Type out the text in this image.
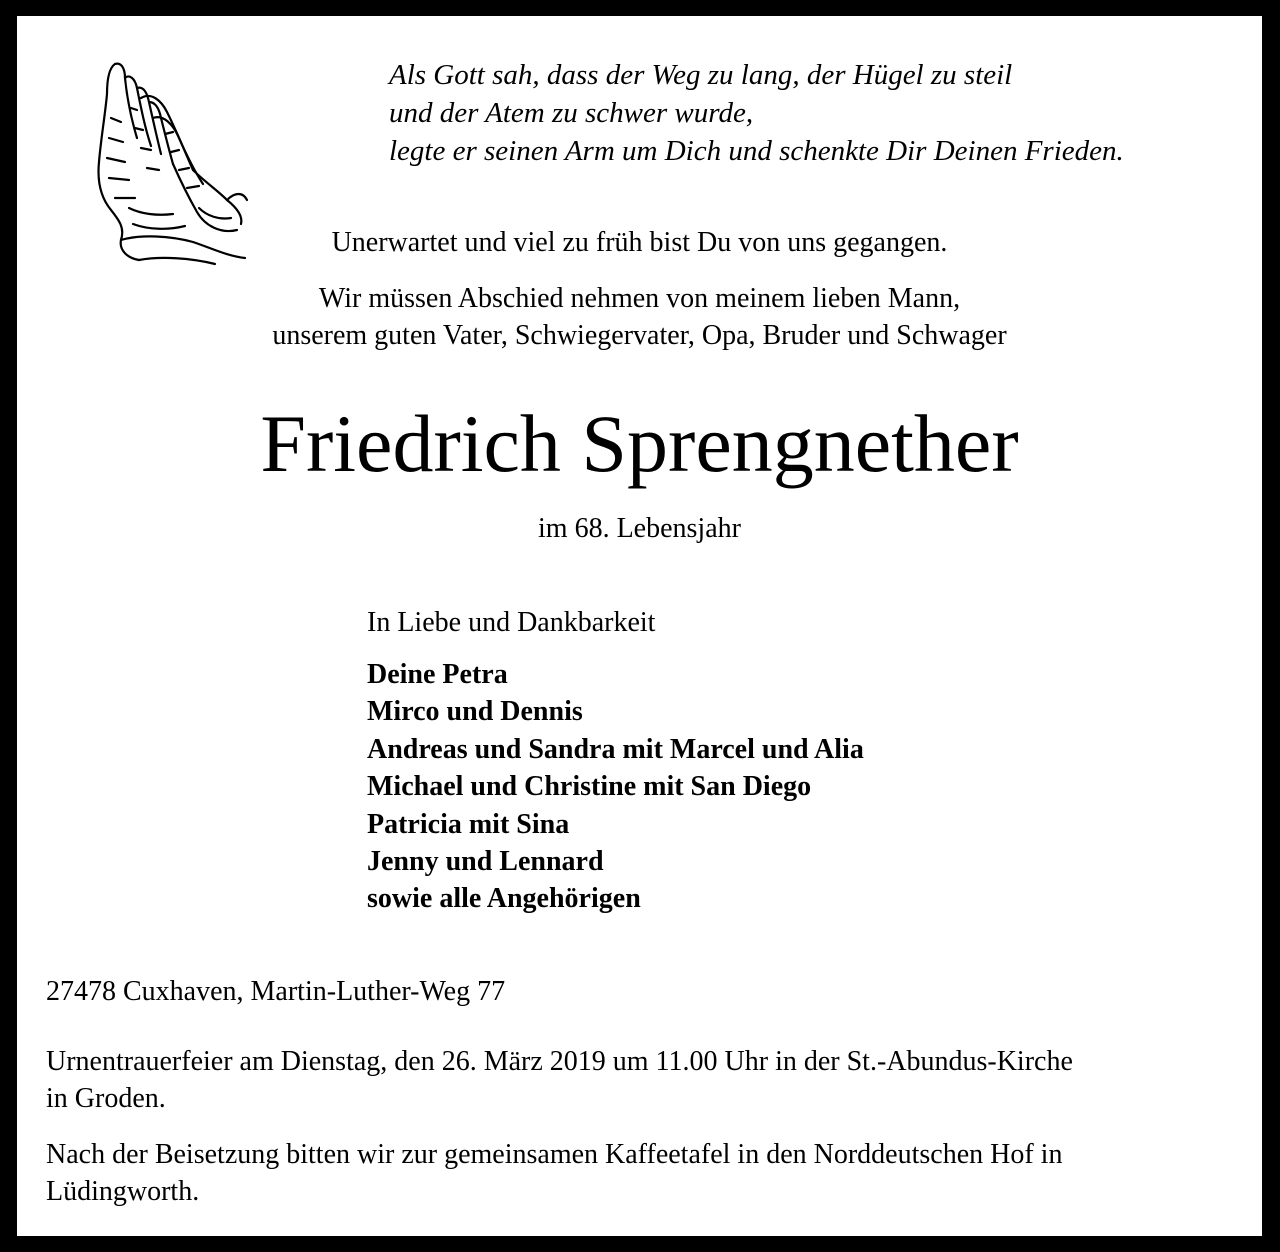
Als Gott sah, dass der Weg zu lang, der Hügel zu steil
und der Atem zu schwer wurde,
legte er seinen Arm um Dich und schenkte Dir Deinen Frieden.

Unerwartet und viel zu früh bist Du von uns gegangen.

Wir müssen Abschied nehmen von meinem lieben Mann,
unserem guten Vater, Schwiegervater, Opa, Bruder und Schwager

Friedrich Sprengnether

im 68. Lebensjahr

In Liebe und Dankbarkeit

Deine Petra
Mirco und Dennis
Andreas und Sandra mit Marcel und Alia
Michael und Christine mit San Diego
Patricia mit Sina
Jenny und Lennard
sowie alle Angehörigen

27478 Cuxhaven, Martin-Luther-Weg 77

Urnentrauerfeier am Dienstag, den 26. März 2019 um 11.00 Uhr in der St.-Abundus-Kirche
in Groden.

Nach der Beisetzung bitten wir zur gemeinsamen Kaffeetafel in den Norddeutschen Hof in
Lüdingworth.
